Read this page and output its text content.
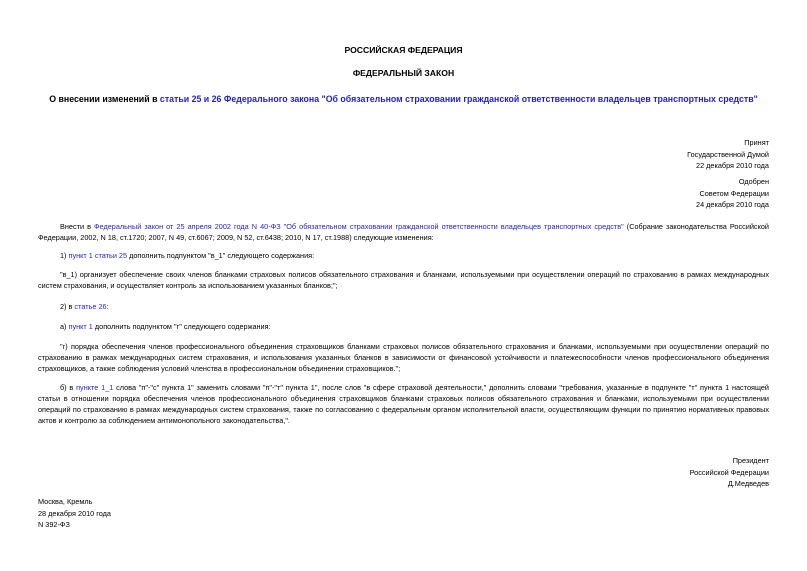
РОССИЙСКАЯ ФЕДЕРАЦИЯ
ФЕДЕРАЛЬНЫЙ ЗАКОН
О внесении изменений в статьи 25 и 26 Федерального закона "Об обязательном страховании гражданской ответственности владельцев транспортных средств"
Принят
Государственной Думой
22 декабря 2010 года
Одобрен
Советом Федерации
24 декабря 2010 года
Внести в Федеральный закон от 25 апреля 2002 года N 40-ФЗ "Об обязательном страховании гражданской ответственности владельцев транспортных средств" (Собрание законодательства Российской Федерации, 2002, N 18, ст.1720; 2007, N 49, ст.6067; 2009, N 52, ст.6438; 2010, N 17, ст.1988) следующие изменения:
1) пункт 1 статьи 25 дополнить подпунктом "в_1" следующего содержания:
"в_1) организует обеспечение своих членов бланками страховых полисов обязательного страхования и бланками, используемыми при осуществлении операций по страхованию в рамках международных систем страхования, и осуществляет контроль за использованием указанных бланков;";
2) в статье 26:
а) пункт 1 дополнить подпунктом "г" следующего содержания:
"г) порядка обеспечения членов профессионального объединения страховщиков бланками страховых полисов обязательного страхования и бланками, используемыми при осуществлении операций по страхованию в рамках международных систем страхования, и использования указанных бланков в зависимости от финансовой устойчивости и платежеспособности членов профессионального объединения страховщиков, а также соблюдения условий членства в профессиональном объединении страховщиков.";
б) в пункте 1_1 слова "п"-"с" пункта 1" заменить словами "п"-"т" пункта 1", после слов "в сфере страховой деятельности," дополнить словами "требования, указанные в подпункте "т" пункта 1 настоящей статьи в отношении порядка обеспечения членов профессионального объединения страховщиков бланками страховых полисов обязательного страхования и бланками, используемыми при осуществлении операций по страхованию в рамках международных систем страхования, также по согласованию с федеральным органом исполнительной власти, осуществляющим функции по принятию нормативных правовых актов и контролю за соблюдением антимонопольного законодательства,".
Президент
Российской Федерации
Д.Медведев
Москва, Кремль
28 декабря 2010 года
N 392-ФЗ
